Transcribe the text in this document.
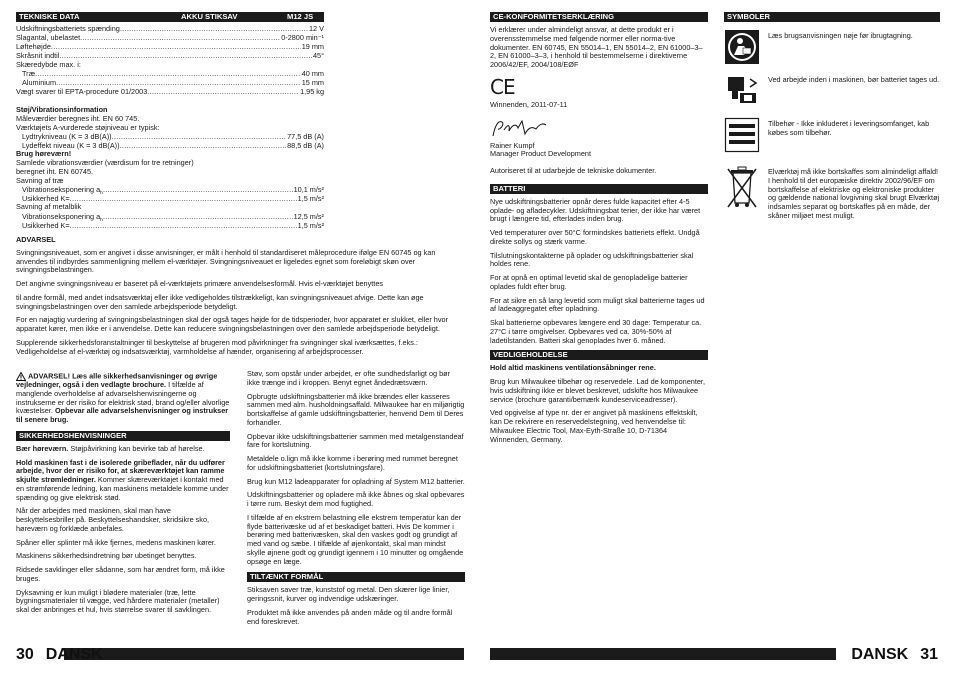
TEKNISKE DATA	AKKU STIKSAV	M12 JS
Udskiftningsbatteriets spænding .....	12 V
Slagantal, ubelastet .....	0-2800 min⁻¹
Løftehøjde .....	19 mm
Skråsnit indtil .....	45°
Skæredybde max. i:
Træ .....	40 mm
Aluminium .....	15 mm
Vægt svarer til EPTA-procedure 01/2003 .....	1,95 kg
Støj/Vibrationsinformation
Måleværdier beregnes iht. EN 60 745.
Værktøjets A-vurderede støjniveau er typisk:
Lydtrykniveau (K = 3 dB(A)) .....	77,5 dB (A)
Lydeffekt niveau (K = 3 dB(A)) .....	88,5 dB (A)
Brug høreværn!
Samlede vibrationsværdier (værdisum for tre retninger)
beregnet iht. EN 60745.
Savning af træ
Vibrationseksponering $a_h$ .....	10,1 m/s²
Usikkerhed K= .....	1,5 m/s²
Savning af metalblik
Vibrationseksponering $a_h$ .....	12,5 m/s²
Usikkerhed K= .....	1,5 m/s²
ADVARSEL

Svingningsniveauet, som er angivet i disse anvisninger, er målt i henhold til standardiseret måleprocedure ifølge EN 60745 og kan anvendes til indbyrdes sammenligning mellem el-værktøjer. Svingningsniveauet er ligeledes egnet som foreløbigt skøn over svingningsbelastningen.

Det angivne svingningsniveau er baseret på el-værktøjets primære anvendelsesformål. Hvis el-værktøjet benyttes

til andre formål, med andet indsatsværktøj eller ikke vedligeholdes tilstrækkeligt, kan svingningsniveauet afvige. Dette kan øge svingningsbelastningen over den samlede arbejdsperiode betydeligt.

For en nøjagtig vurdering af svingningsbelastningen skal der også tages højde for de tidsperioder, hvor apparatet er slukket, eller hvor apparatet kører, men ikke er i anvendelse. Dette kan reducere svingningsbelastningen over den samlede arbejdsperiode betydeligt.

Supplerende sikkerhedsforanstaltninger til beskyttelse af brugeren mod påvirkninger fra svingninger skal iværksættes, f.eks.: Vedligeholdelse af el-værktøj og indsatsværktøj, varmholdelse af hænder, organisering af arbejdsprocesser.

ADVARSEL! Læs alle sikkerhedsanvisninger og øvrige vejledninger, også i den vedlagte brochure. I tilfælde af manglende overholdelse af advarselshenvisningerne og instrukserne er der risiko for elektrisk stød, brand og/eller alvorlige kvæstelser. Opbevar alle advarselshenvisninger og instrukser til senere brug.

SIKKERHEDSHENVISNINGER

Bær høreværn. Støjpåvirkning kan bevirke tab af hørelse.

Hold maskinen fast i de isolerede gribeflader, når du udfører arbejde, hvor der er risiko for, at skæreværktøjet kan ramme skjulte strømledninger. Kommer skæreværktøjet i kontakt med en strømførende ledning, kan maskinens metaldele komme under spænding og give elektrisk stød.

Når der arbejdes med maskinen, skal man have beskyttelsesbriller på. Beskyttelseshandsker, skridsikre sko, høreværn og forklæde anbefales.

Spåner eller splinter må ikke fjernes, medens maskinen kører.

Maskinens sikkerhedsindretning bør ubetinget benyttes.

Ridsede savklinger eller sådanne, som har ændret form, må ikke bruges.

Dyksavning er kun muligt i blødere materialer (træ, lette bygningsmaterialer til vægge, ved hårdere materialer (metaller) skal der anbringes et hul, hvis størrelse svarer til savklingen.

Støv, som opstår under arbejdet, er ofte sundhedsfarligt og bør ikke trænge ind i kroppen. Benyt egnet åndedrætsværn.

Opbrugte udskiftningsbatterier må ikke brændes eller kasseres sammen med alm. husholdningsaffald. Milwaukee har en miljørigtig bortskaffelse af gamle udskiftningsbatterier, henvend Dem til Deres forhandler.

Opbevar ikke udskiftningsbatterier sammen med metalgenstandeaf fare for kortslutning.

Metaldele o.lign må ikke komme i berøring med rummet beregnet for udskiftningsbatteriet (kortslutningsfare).

Brug kun M12 ladeapparater for opladning af System M12 batterier.

Udskiftningsbatterier og opladere må ikke åbnes og skal opbevares i tørre rum. Beskyt dem mod fugtighed.

I tilfælde af en ekstrem belastning elle ekstrem temperatur kan der flyde batterivæske ud af et beskadiget batteri. Hvis De kommer i berøring med batterivæsken, skal den vaskes godt og grundigt af med vand og sæbe. I tilfælde af øjenkontakt, skal man mindst skylle øjnene godt og grundigt igennem i 10 minutter og omgående opsøge en læge.

TILTÆNKT FORMÅL

Stiksaven saver træ, kunststof og metal. Den skærer lige linier, geringssnit, kurver og indvendige udskæringer.

Produktet må ikke anvendes på anden måde og til andre formål end foreskrevet.

CE-KONFORMITETSERKLÆRING

Vi erklærer under almindeligt ansvar, at dette produkt er i overensstemmelse med følgende normer eller norma-tive dokumenter. EN 60745, EN 55014–1, EN 55014–2, EN 61000–3–2, EN 61000–3–3, i henhold til bestemmelserne i direktiverne 2006/42/EF, 2004/108/EØF

CE
Winnenden, 2011-07-11
Rainer Kumpf
Manager Product Development

Autoriseret til at udarbejde de tekniske dokumenter.

BATTERI

Nye udskiftningsbatterier opnår deres fulde kapacitet efter 4-5 oplade- og afladecykler. Udskiftningsbat terier, der ikke har været brugt i længere tid, efterlades inden brug.

Ved temperaturer over 50°C formindskes batteriets effekt. Undgå direkte sollys og stærk varme.

Tilslutningskontakterne på oplader og udskiftningsbatterier skal holdes rene.

For at opnå en optimal levetid skal de genopladelige batterier oplades fuldt efter brug.

For at sikre en så lang levetid som muligt skal batterierne tages ud af ladeaggregatet efter opladning.

Skal batterierne opbevares længere end 30 dage: Temperatur ca. 27°C i tørre omgivelser. Opbevares ved ca. 30%-50% af ladetilstanden. Batteri skal genoplades hver 6. måned.

VEDLIGEHOLDELSE

Hold altid maskinens ventilationsåbninger rene.

Brug kun Milwaukee tilbehør og reservedele. Lad de komponenter, hvis udskiftning ikke er blevet beskrevet, udskifte hos Milwaukee service (brochure garanti/bemærk kundeserviceadresser).

Ved opgivelse af type nr. der er angivet på maskinens effektskilt, kan De rekvirere en reservedelstegning, ved henvendelse til: Milwaukee Electric Tool, Max-Eyth-Straße 10, D-71364 Winnenden, Germany.

SYMBOLER
Læs brugsanvisningen nøje før ibrugtagning.
Ved arbejde inden i maskinen, bør batteriet tages ud.
Tilbehør - Ikke inkluderet i leveringsomfanget, kab købes som tilbehør.
Elværktøj må ikke bortskaffes som almindeligt affald! I henhold til det europæiske direktiv 2002/96/EF om bortskaffelse af elektriske og elektroniske produkter og gældende national lovgivning skal brugt Elværktøj indsamles separat og bortskaffes på en måde, der skåner miljøet mest muligt.
30 DANSK	DANSK 31
